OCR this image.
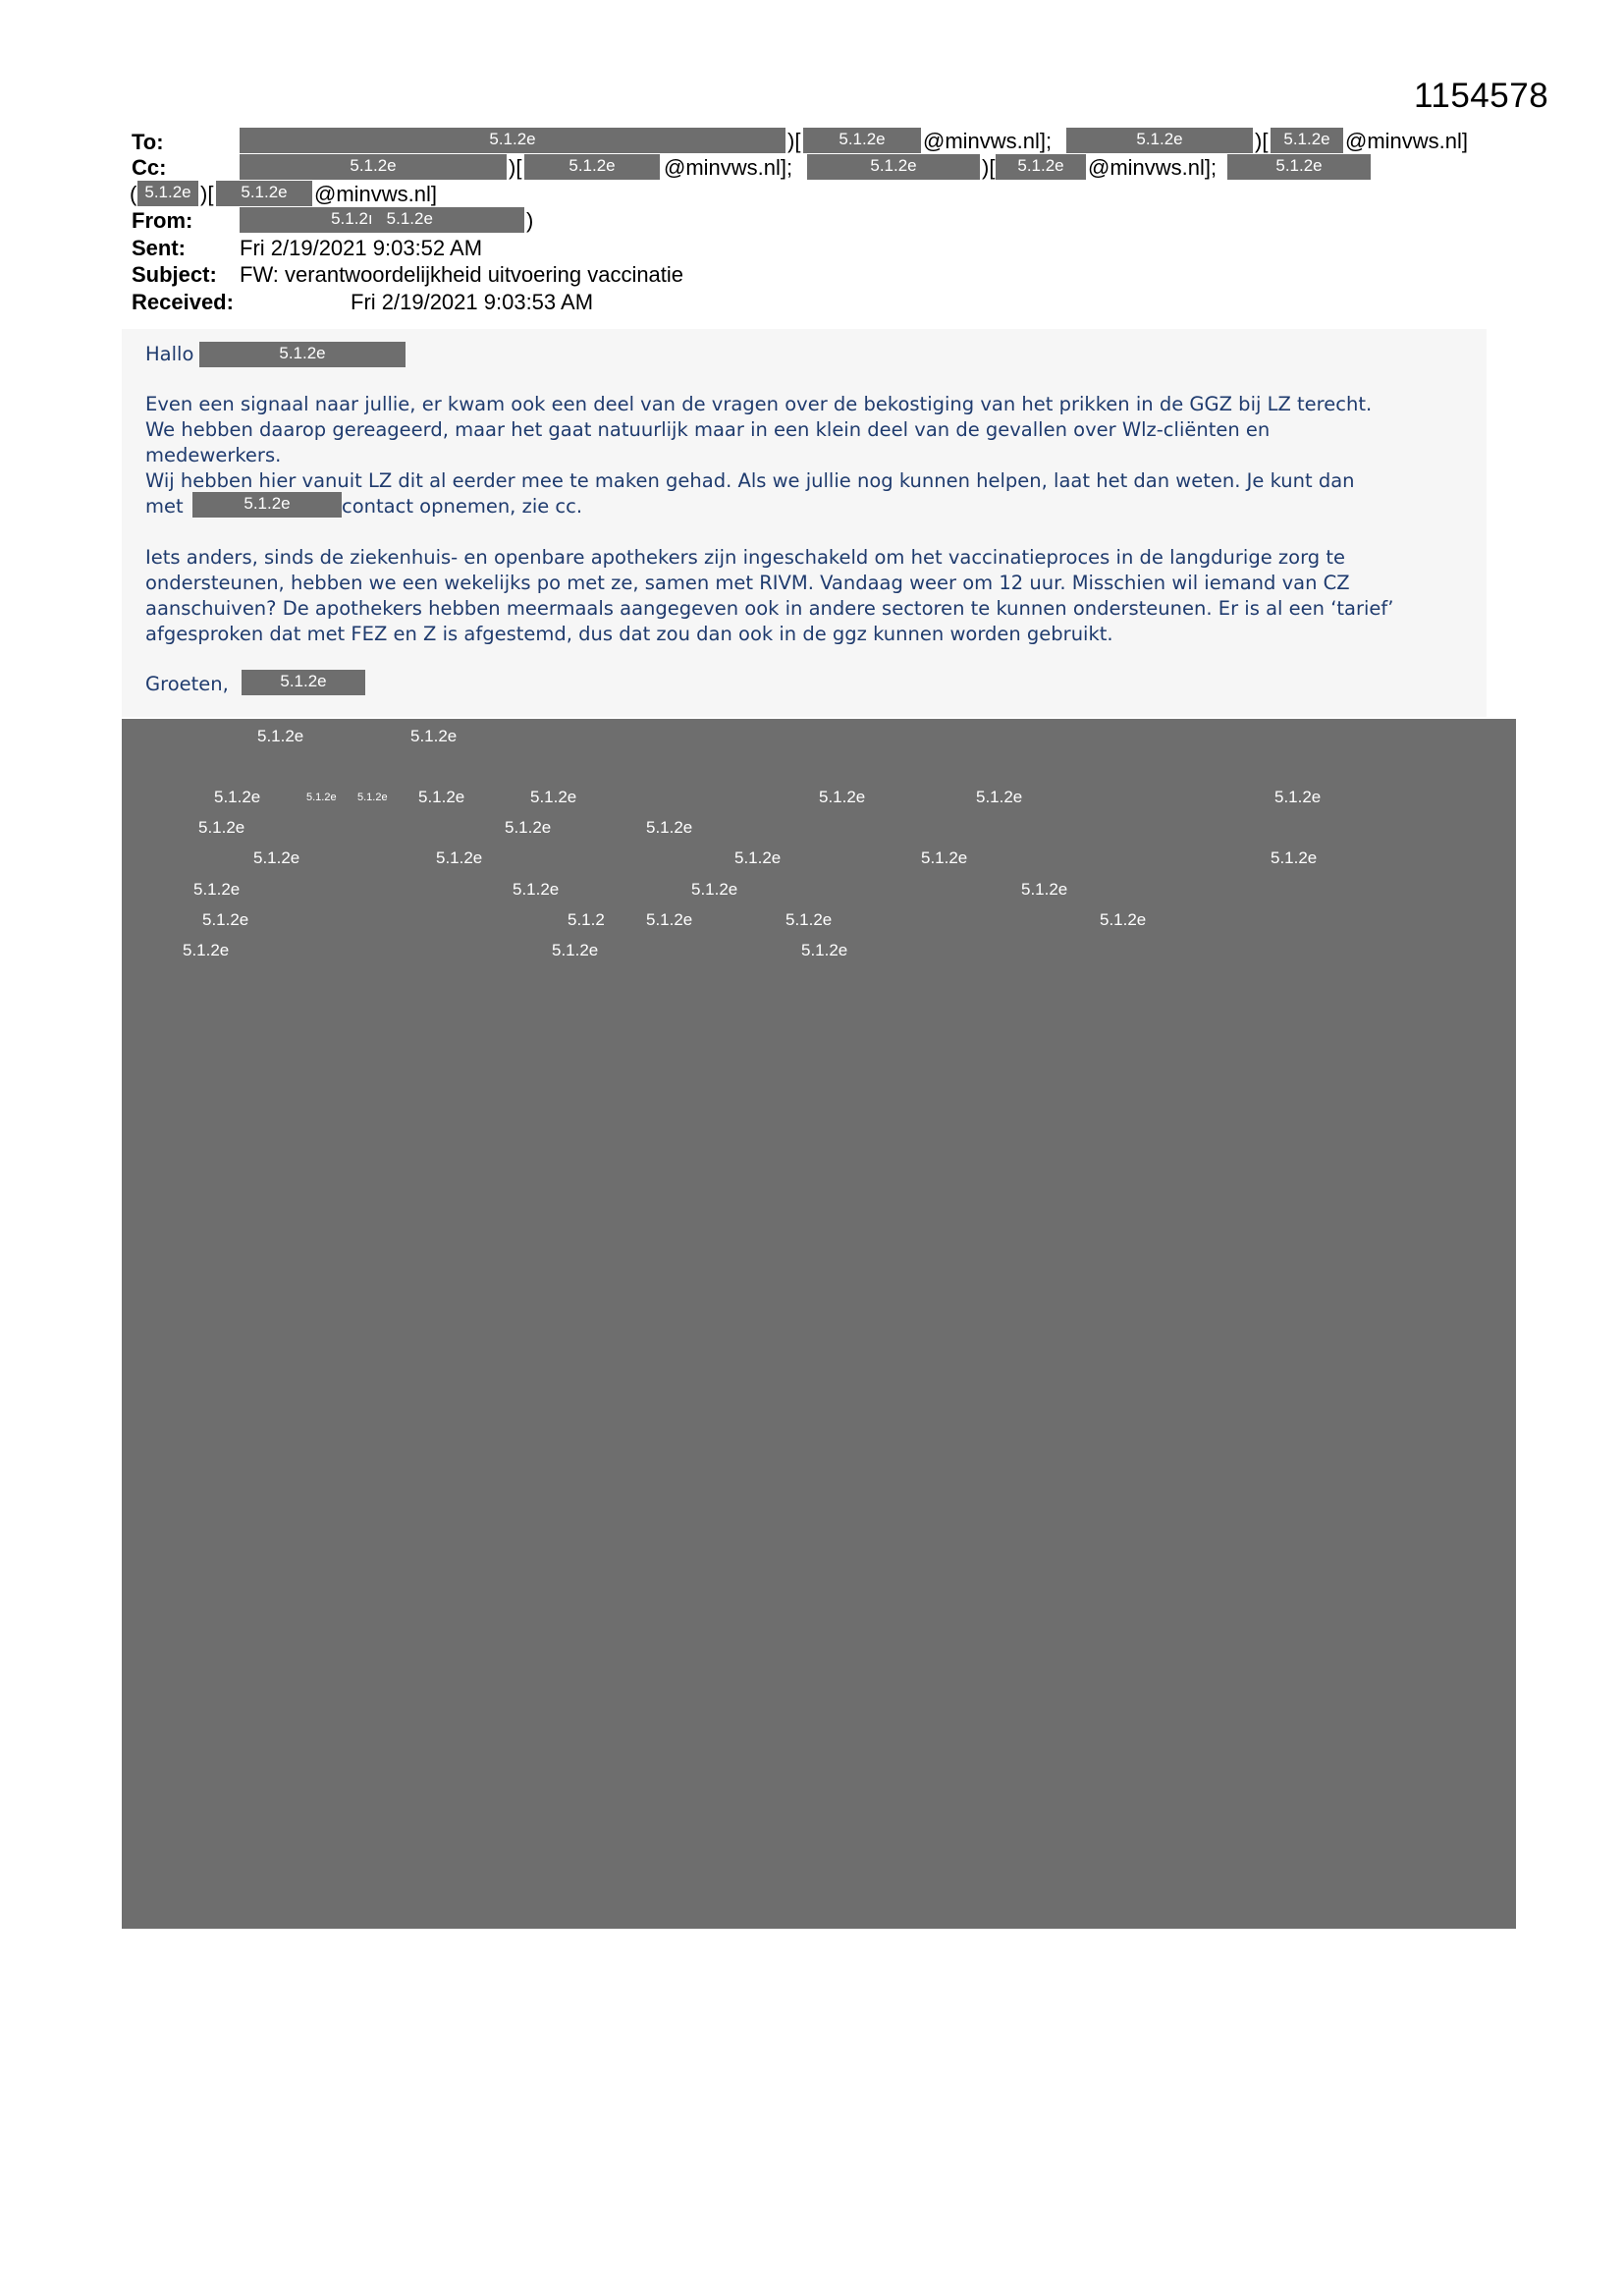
1154578
To:	5.1.2e	)[	5.1.2e	@minvws.nl];	5.1.2e	)[ 5.1.2e @minvws.nl]
Cc:	5.1.2e	)[	5.1.2e	@minvws.nl];	5.1.2e	)[	5.1.2e	@minvws.nl];	5.1.2e
( 5.1.2e )[	5.1.2e	@minvws.nl]
From:	5.1.2ı 5.1.2e	)
Sent:	Fri 2/19/2021 9:03:52 AM
Subject: FW: verantwoordelijkheid uitvoering vaccinatie
Received:	Fri 2/19/2021 9:03:53 AM
Hallo	5.1.2e
Even een signaal naar jullie, er kwam ook een deel van de vragen over de bekostiging van het prikken in de GGZ bij LZ terecht.
We hebben daarop gereageerd, maar het gaat natuurlijk maar in een klein deel van de gevallen over Wlz-cliënten en
medewerkers.
Wij hebben hier vanuit LZ dit al eerder mee te maken gehad. Als we jullie nog kunnen helpen, laat het dan weten. Je kunt dan
met	5.1.2e	contact opnemen, zie cc.
Iets anders, sinds de ziekenhuis- en openbare apothekers zijn ingeschakeld om het vaccinatieproces in de langdurige zorg te
ondersteunen, hebben we een wekelijks po met ze, samen met RIVM. Vandaag weer om 12 uur. Misschien wil iemand van CZ
aanschuiven? De apothekers hebben meermaals aangegeven ook in andere sectoren te kunnen ondersteunen. Er is al een ‘tarief’
afgesproken dat met FEZ en Z is afgestemd, dus dat zou dan ook in de ggz kunnen worden gebruikt.
Groeten,	5.1.2e
5.1.2e	5.1.2e
5.1.2e	5.1.2e 5.1.2e 5.1.2e	5.1.2e	5.1.2e	5.1.2e	5.1.2e
5.1.2e	5.1.2e	5.1.2e
5.1.2e	5.1.2e	5.1.2e	5.1.2e	5.1.2e
5.1.2e	5.1.2e	5.1.2e	5.1.2e
5.1.2e	5.1.2 5.1.2e	5.1.2e	5.1.2e
5.1.2e	5.1.2e	5.1.2e
dubbel
